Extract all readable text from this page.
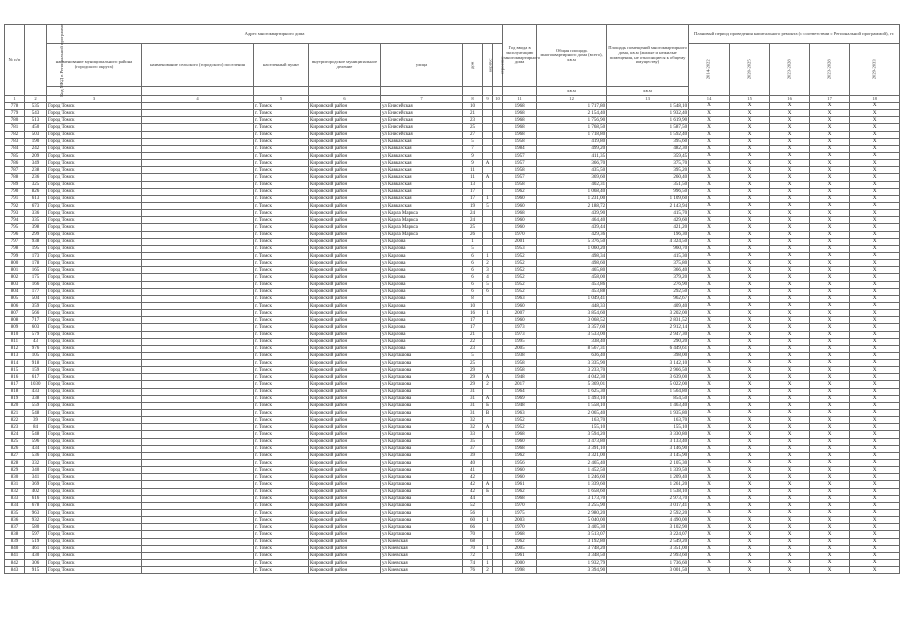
№ п/п	Код МКД в Региональной программе	Адрес многоквартирного дома								Год ввода в эксплуатацию многоквартирного дома	Общая площадь многоквартирного дома (всего), кв.м	Площадь помещений многоквартирного дома, кв.м (жилые и нежилые помещения, не относящиеся к общему имуществу)	Плановый период проведения капитального ремонта (с соответствии с Региональной программой), гг.				
		наименование муниципального района (городского округа)	наименование сельского (городского) поселения	населенный пункт	внутригородское муниципальное деление	улица	дом	корпус	строение				2014-2022	2020-2025	2023-2028	2023-2028	2029-2033
											кв.м	кв.м					
1	2	3	4	5	6	7	8	9	10	11	12	13	14	15	16	17	18
778	535	Город Томск		г. Томск	Кировский район	ул Енисейская	10			1968	1 717,80	1 548,10	X	X	X	X	X
779	543	Город Томск		г. Томск	Кировский район	ул Енисейская	21			1968	2 154,40	1 932,40	X	X	X	X	X
780	513	Город Томск		г. Томск	Кировский район	ул Енисейская	23			1968	1 756,90	1 619,90	X	X	X	X	X
781	450	Город Томск		г. Томск	Кировский район	ул Енисейская	25			1968	1 768,50	1 587,50	X	X	X	X	X
782	503	Город Томск		г. Томск	Кировский район	ул Енисейская	27			1968	1 718,80	1 592,40	X	X	X	X	X
783	190	Город Томск		г. Томск	Кировский район	ул Кавказская	5			1958	419,80	395,60	X	X	X	X	X
784	242	Город Томск		г. Томск	Кировский район	ул Кавказская	7			1984	499,20	482,30	X	X	X	X	X
785	209	Город Томск		г. Томск	Кировский район	ул Кавказская	9			1957	411,35	359,45	X	X	X	X	X
786	349	Город Томск		г. Томск	Кировский район	ул Кавказская	9	А		1957	366,70	375,70	X	X	X	X	X
787	238	Город Томск		г. Томск	Кировский район	ул Кавказская	11			1958	435,50	395,20	X	X	X	X	X
788	236	Город Томск		г. Томск	Кировский район	ул Кавказская	11	А		1957	369,60	260,40	X	X	X	X	X
789	325	Город Томск		г. Томск	Кировский район	ул Кавказская	13			1958	402,31	351,50	X	X	X	X	X
790	826	Город Томск		г. Томск	Кировский район	ул Кавказская	17			1962	1 068,40	996,50	X	X	X	X	X
791	613	Город Томск		г. Томск	Кировский район	ул Кавказская	17	1		1960	1 231,00	1 109,60	X	X	X	X	X
792	673	Город Томск		г. Томск	Кировский район	ул Кавказская	19	5		1960	2 188,72	2 143,94	X	X	X	X	X
793	336	Город Томск		г. Томск	Кировский район	ул Карла Маркса	24			1968	439,90	415,70	X	X	X	X	X
794	335	Город Томск		г. Томск	Кировский район	ул Карла Маркса	24			1960	464,40	429,60	X	X	X	X	X
795	398	Город Томск		г. Томск	Кировский район	ул Карла Маркса	25			1960	439,44	421,20	X	X	X	X	X
796	299	Город Томск		г. Томск	Кировский район	ул Карла Маркса	26			1970	429,36	196,30	X	X	X	X	X
797	938	Город Томск		г. Томск	Кировский район	ул Карлова	1			2001	5 376,50	4 324,50	X	X	X	X	X
798	195	Город Томск		г. Томск	Кировский район	ул Карлова	5			1953	1 060,20	960,70	X	X	X	X	X
799	173	Город Томск		г. Томск	Кировский район	ул Карлова	6	1		1952	498,34	415,30	X	X	X	X	X
800	178	Город Томск		г. Томск	Кировский район	ул Карлова	6	2		1952	498,60	375,80	X	X	X	X	X
801	165	Город Томск		г. Томск	Кировский район	ул Карлова	6	3		1952	465,80	366,40	X	X	X	X	X
802	175	Город Томск		г. Томск	Кировский район	ул Карлова	6	4		1952	458,00	379,20	X	X	X	X	X
803	166	Город Томск		г. Томск	Кировский район	ул Карлова	6	5		1952	453,86	276,90	X	X	X	X	X
804	177	Город Томск		г. Томск	Кировский район	ул Карлова	6	6		1952	453,88	292,50	X	X	X	X	X
805	504	Город Томск		г. Томск	Кировский район	ул Карлова	8			1963	1 049,41	962,67	X	X	X	X	X
806	359	Город Томск		г. Томск	Кировский район	ул Карлова	10			1960	448,33	409,40	X	X	X	X	X
807	566	Город Томск		г. Томск	Кировский район	ул Карлова	16	1		2007	3 854,60	3 202,00	X	X	X	X	X
808	717	Город Томск		г. Томск	Кировский район	ул Карлова	17			1960	3 068,52	2 831,52	X	X	X	X	X
809	603	Город Томск		г. Томск	Кировский район	ул Карлова	17			1973	3 357,60	2 912,14	X	X	X	X	X
810	579	Город Томск		г. Томск	Кировский район	ул Карлова	21			1973	3 533,00	2 947,30	X	X	X	X	X
811	43	Город Томск		г. Томск	Кировский район	ул Карлова	22			1995	338,40	290,20	X	X	X	X	X
812	976	Город Томск		г. Томск	Кировский район	ул Карлова	23			2005	8 567,31	6 449,61	X	X	X	X	X
813	105	Город Томск		г. Томск	Кировский район	ул Карташова	5			1938	636,40	398,00	X	X	X	X	X
814	918	Город Томск		г. Томск	Кировский район	ул Карташова	25			1958	3 335,90	3 142,10	X	X	X	X	X
815	159	Город Томск		г. Томск	Кировский район	ул Карташова	29			1958	3 233,70	2 966,50	X	X	X	X	X
816	617	Город Томск		г. Томск	Кировский район	ул Карташова	29	А		1948	4 042,30	3 639,00	X	X	X	X	X
817	1030	Город Томск		г. Томск	Кировский район	ул Карташова	29	2		2017	5 369,01	5 022,00	X	X	X	X	X
818	433	Город Томск		г. Томск	Кировский район	ул Карташова	31			1964	1 625,30	1 564,80	X	X	X	X	X
819	338	Город Томск		г. Томск	Кировский район	ул Карташова	31	А		1969	1 493,10	854,50	X	X	X	X	X
820	559	Город Томск		г. Томск	Кировский район	ул Карташова	31	Б		1948	1 558,10	1 463,40	X	X	X	X	X
821	548	Город Томск		г. Томск	Кировский район	ул Карташова	31	В		1963	2 065,40	1 935,80	X	X	X	X	X
822	39	Город Томск		г. Томск	Кировский район	ул Карташова	32			1952	163,70	163,70	X	X	X	X	X
823	84	Город Томск		г. Томск	Кировский район	ул Карташова	32	А		1952	155,10	155,10	X	X	X	X	X
824	548	Город Томск		г. Томск	Кировский район	ул Карташова	33			1968	3 594,20	3 330,80	X	X	X	X	X
825	596	Город Томск		г. Томск	Кировский район	ул Карташова	35			1960	3 473,80	3 133,40	X	X	X	X	X
826	434	Город Томск		г. Томск	Кировский район	ул Карташова	37			1968	3 391,10	3 146,90	X	X	X	X	X
827	536	Город Томск		г. Томск	Кировский район	ул Карташова	39			1962	3 321,00	3 145,90	X	X	X	X	X
828	332	Город Томск		г. Томск	Кировский район	ул Карташова	40			1956	2 465,40	2 105,30	X	X	X	X	X
829	340	Город Томск		г. Томск	Кировский район	ул Карташова	41			1960	1 452,50	1 339,50	X	X	X	X	X
830	341	Город Томск		г. Томск	Кировский район	ул Карташова	42			1960	1 246,60	1 209,40	X	X	X	X	X
831	369	Город Томск		г. Томск	Кировский район	ул Карташова	42	А		1961	1 339,60	1 261,20	X	X	X	X	X
832	402	Город Томск		г. Томск	Кировский район	ул Карташова	42	Б		1962	1 658,60	1 538,10	X	X	X	X	X
833	616	Город Томск		г. Томск	Кировский район	ул Карташова	44			1968	3 173,70	2 973,70	X	X	X	X	X
834	678	Город Томск		г. Томск	Кировский район	ул Карташова	52			1970	3 255,90	3 017,41	X	X	X	X	X
835	963	Город Томск		г. Томск	Кировский район	ул Карташова	56			1975	2 980,20	2 592,20	X	X	X	X	X
836	932	Город Томск		г. Томск	Кировский район	ул Карташова	60	1		2003	5 040,00	4 490,00	X	X	X	X	X
837	580	Город Томск		г. Томск	Кировский район	ул Карташова	66			1970	3 405,30	3 102,90	X	X	X	X	X
838	597	Город Томск		г. Томск	Кировский район	ул Карташова	70			1968	3 513,07	3 224,07	X	X	X	X	X
839	519	Город Томск		г. Томск	Кировский район	ул Киевская	68			1962	3 192,80	2 549,20	X	X	X	X	X
840	461	Город Томск		г. Томск	Кировский район	ул Киевская	70	1		2005	3 748,20	3 351,00	X	X	X	X	X
841	430	Город Томск		г. Томск	Кировский район	ул Киевская	72			1961	3 348,50	2 993,60	X	X	X	X	X
842	306	Город Томск		г. Томск	Кировский район	ул Киевская	74	1		2000	1 932,79	1 736,60	X	X	X	X	X
843	915	Город Томск		г. Томск	Кировский район	ул Киевская	76	2		1998	3 394,90	3 001,50	X	X	X	X	X
